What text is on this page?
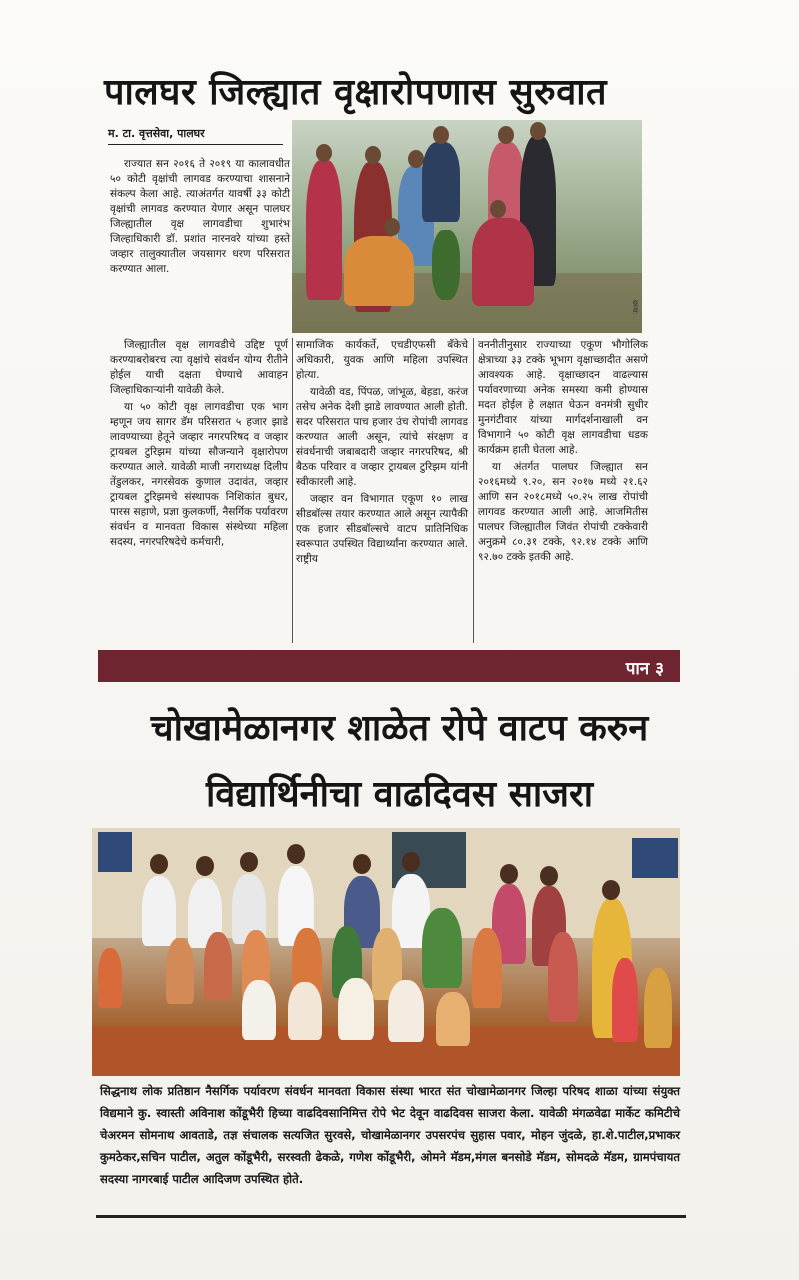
पालघर जिल्ह्यात वृक्षारोपणास सुरुवात
म. टा. वृत्तसेवा, पालघर
छाया:

राज्यात सन २०१६ ते २०१९ या कालावधीत ५० कोटी वृक्षांची लागवड करण्याचा शासनाने संकल्प केला आहे. त्याअंतर्गत यावर्षी ३३ कोटी वृक्षांची लागवड करण्यात येणार असून पालघर जिल्ह्यातील वृक्ष लागवडीचा शुभारंभ जिल्हाधिकारी डॉ. प्रशांत नारनवरे यांच्या हस्ते जव्हार तालुक्यातील जयसागर धरण परिसरात करण्यात आला.

जिल्ह्यातील वृक्ष लागवडीचे उद्दिष्ट पूर्ण करण्याबरोबरच त्या वृक्षांचे संवर्धन योग्य रीतीने होईल याची दक्षता घेण्याचे आवाहन जिल्हाधिकाऱ्यांनी यावेळी केले.

या ५० कोटी वृक्ष लागवडीचा एक भाग म्हणून जय सागर डॅम परिसरात ५ हजार झाडे लावण्याच्या हेतूने जव्हार नगरपरिषद व जव्हार ट्रायबल टुरिझम यांच्या सौजन्याने वृक्षारोपण करण्यात आले. यावेळी माजी नगराध्यक्ष दिलीप तेंडुलकर, नगरसेवक कुणाल उदावंत, जव्हार ट्रायबल टुरिझमचे संस्थापक निशिकांत बुधर, पारस सहाणे, प्रज्ञा कुलकर्णी, नैसर्गिक पर्यावरण संवर्धन व मानवता विकास संस्थेच्या महिला सदस्य, नगरपरिषदेचे कर्मचारी,

सामाजिक कार्यकर्ते, एचडीएफसी बँकेचे अधिकारी, युवक आणि महिला उपस्थित होत्या.

यावेळी वड, पिंपळ, जांभूळ, बेहडा, करंज तसेच अनेक देशी झाडे लावण्यात आली होती. सदर परिसरात पाच हजार उंच रोपांची लागवड करण्यात आली असून, त्यांचे संरक्षण व संवर्धनाची जबाबदारी जव्हार नगरपरिषद, श्री बैठक परिवार व जव्हार ट्रायबल टुरिझम यांनी स्वीकारली आहे.

जव्हार वन विभागात एकूण १० लाख सीडबॉल्स तयार करण्यात आले असून त्यापैकी एक हजार सीडबॉल्सचे वाटप प्रातिनिधिक स्वरूपात उपस्थित विद्यार्थ्यांना करण्यात आले. राष्ट्रीय

वननीतीनुसार राज्याच्या एकूण भौगोलिक क्षेत्राच्या ३३ टक्के भूभाग वृक्षाच्छादीत असणे आवश्यक आहे. वृक्षाच्छादन वाढल्यास पर्यावरणाच्या अनेक समस्या कमी होण्यास मदत होईल हे लक्षात घेऊन वनमंत्री सुधीर मुनगंटीवार यांच्या मार्गदर्शनाखाली वन विभागाने ५० कोटी वृक्ष लागवडीचा धडक कार्यक्रम हाती घेतला आहे.

या अंतर्गत पालघर जिल्ह्यात सन २०१६मध्ये ९.२०, सन २०१७ मध्ये २१.६२ आणि सन २०१८मध्ये ५०.२५ लाख रोपांची लागवड करण्यात आली आहे. आजमितीस पालघर जिल्ह्यातील जिवंत रोपांची टक्केवारी अनुक्रमे ८०.३१ टक्के, ९२.१४ टक्के आणि ९२.७० टक्के इतकी आहे.

पान ३
चोखामेळानगर शाळेत रोपे वाटप करुन
विद्यार्थिनीचा वाढदिवस साजरा

सिद्धनाथ लोक प्रतिष्ठान नैसर्गिक पर्यावरण संवर्धन मानवता विकास संस्था भारत संत चोखामेळानगर जिल्हा परिषद शाळा यांच्या संयुक्त विद्यमाने कु. स्वास्ती अविनाश कोंडूभैरी हिच्या वाढदिवसानिमित्त रोपे भेट देवून वाढदिवस साजरा केला. यावेळी मंगळवेढा मार्केट कमिटीचे चेअरमन सोमनाथ आवताडे, तज्ञ संचालक सत्यजित सुरवसे, चोखामेळानगर उपसरपंच सुहास पवार, मोहन जुंदळे, हा.शे.पाटील,प्रभाकर कुमठेकर,सचिन पाटील, अतुल कोंडूभैरी, सरस्वती ढेकळे, गणेश कोंडूभैरी, ओमने मॅडम,मंगल बनसोडे मॅडम, सोमदळे मॅडम, ग्रामपंचायत सदस्या नागरबाई पाटील आदिजण उपस्थित होते.
